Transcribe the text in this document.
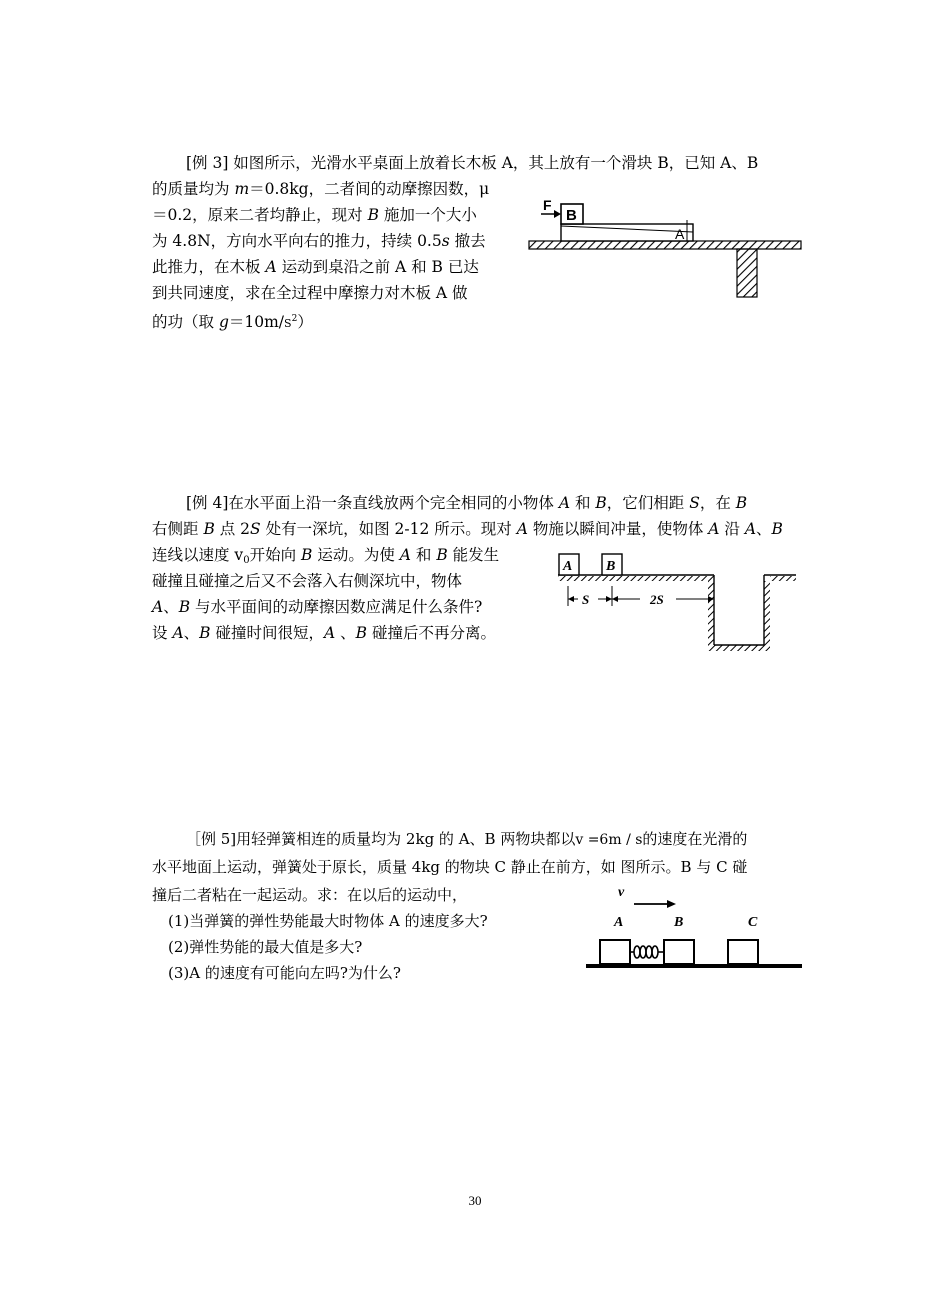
[例 3] 如图所示，光滑水平桌面上放着长木板 A，其上放有一个滑块 B，已知 A、B
的质量均为 m＝0.8kg，二者间的动摩擦因数，μ
＝0.2，原来二者均静止，现对 B 施加一个大小
为 4.8N，方向水平向右的推力，持续 0.5s 撤去
此推力，在木板 A 运动到桌沿之前 A 和 B 已达
到共同速度，求在全过程中摩擦力对木板 A 做
的功（取 $g=10m/S^2$）
B
F
A
[例 4]在水平面上沿一条直线放两个完全相同的小物体 A 和 B，它们相距 S，在 B
右侧距 B 点 2S 处有一深坑，如图 2-12 所示。现对 A 物施以瞬间冲量，使物体 A 沿 A、B
连线以速度 $v_0$开始向 B 运动。为使 A 和 B 能发生
碰撞且碰撞之后又不会落入右侧深坑中，物体
A、B 与水平面间的动摩擦因数应满足什么条件?
设 A、B 碰撞时间很短，A 、B 碰撞后不再分离。
A B
S	2S
［例 5]用轻弹簧相连的质量均为 2kg 的 A、B 两物块都以v =6m / s的速度在光滑的
水平地面上运动，弹簧处于原长，质量 4kg 的物块 C 静止在前方，如 图所示。B 与 C 碰
撞后二者粘在一起运动。求：在以后的运动中，
(1)当弹簧的弹性势能最大时物体 A 的速度多大?
(2)弹性势能的最大值是多大?
(3)A 的速度有可能向左吗?为什么?
v
A	B	C
30
